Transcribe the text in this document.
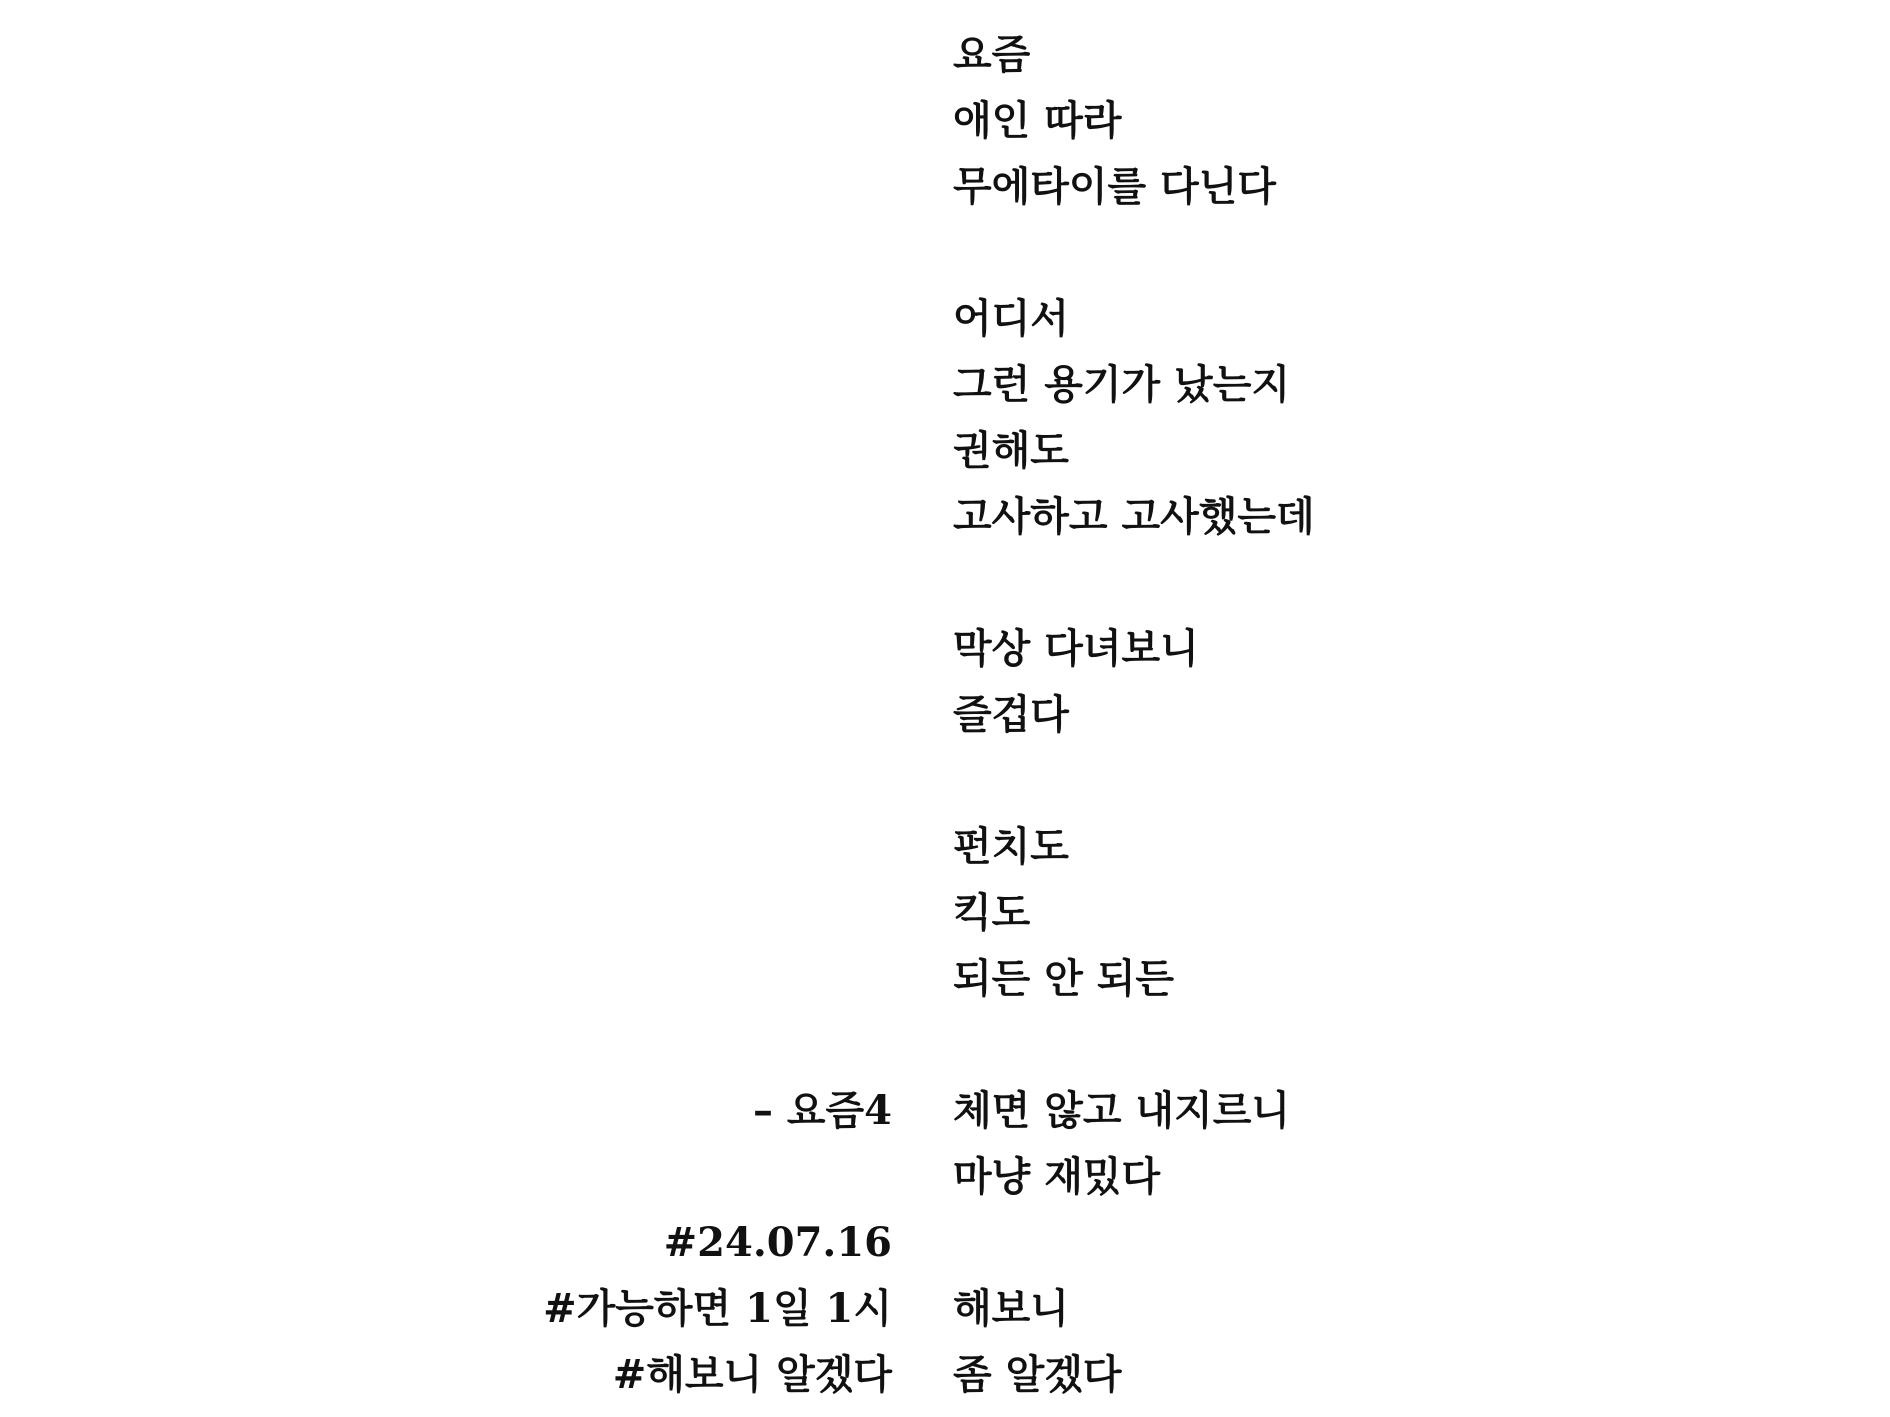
요즘
애인 따라
무에타이를 다닌다
어디서
그런 용기가 났는지
권해도
고사하고 고사했는데
막상 다녀보니
즐겁다
펀치도
킥도
되든 안 되든
체면 않고 내지르니
마냥 재밌다
해보니
좀 알겠다
– 요즘4
#24.07.16
#가능하면 1일 1시
#해보니 알겠다
